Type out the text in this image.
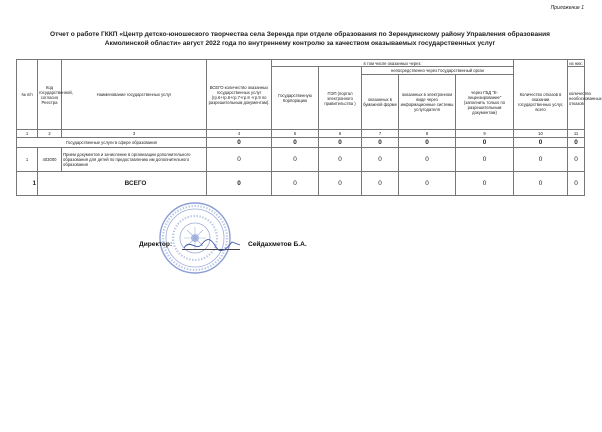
Приложение 1
Отчет о работе ГККП «Центр детско-юношеского творчества села Зеренда при отделе образования по Зерендинскому району Управления образования
Акмолинской области» август 2022 года по внутреннему контролю за качеством оказываемых государственных услуг
№ п/п	Код государственной, согласно Реестра	Наименование государственных услуг	ВСЕГО количество оказанных государственных услуг (гр.6+гр.6+гр.7+гр.8 +гр.9 по разрешительным документам).	в том числе оказанных через:						из них:
				Государственную Корпорацию	ПЭП (портал электронного правительства )	непосредственно через Государственный орган				количество необоснованных отказов
						оказанных в бумажной форме	оказанных в электронном виде через информационные системы услугодателя	через ГБД "Е-лицензирование" (заполнить только по разрешительным документам)	Количество отказов в оказании государственных услуг, всего	
1	2	3	4	5	6	7	8	9	10	11
Государственные услуги в сфере образования			0	0	0	0	0	0	0	0
1	403000	Прием документов и зачисление в организации дополнительного образования для детей по предоставлению им дополнительного образования	0	0	0	0	0	0	0	0
1	ВСЕГО		0	0	0	0	0	0	0	0
Директор:	Сейдахметов Б.А.
